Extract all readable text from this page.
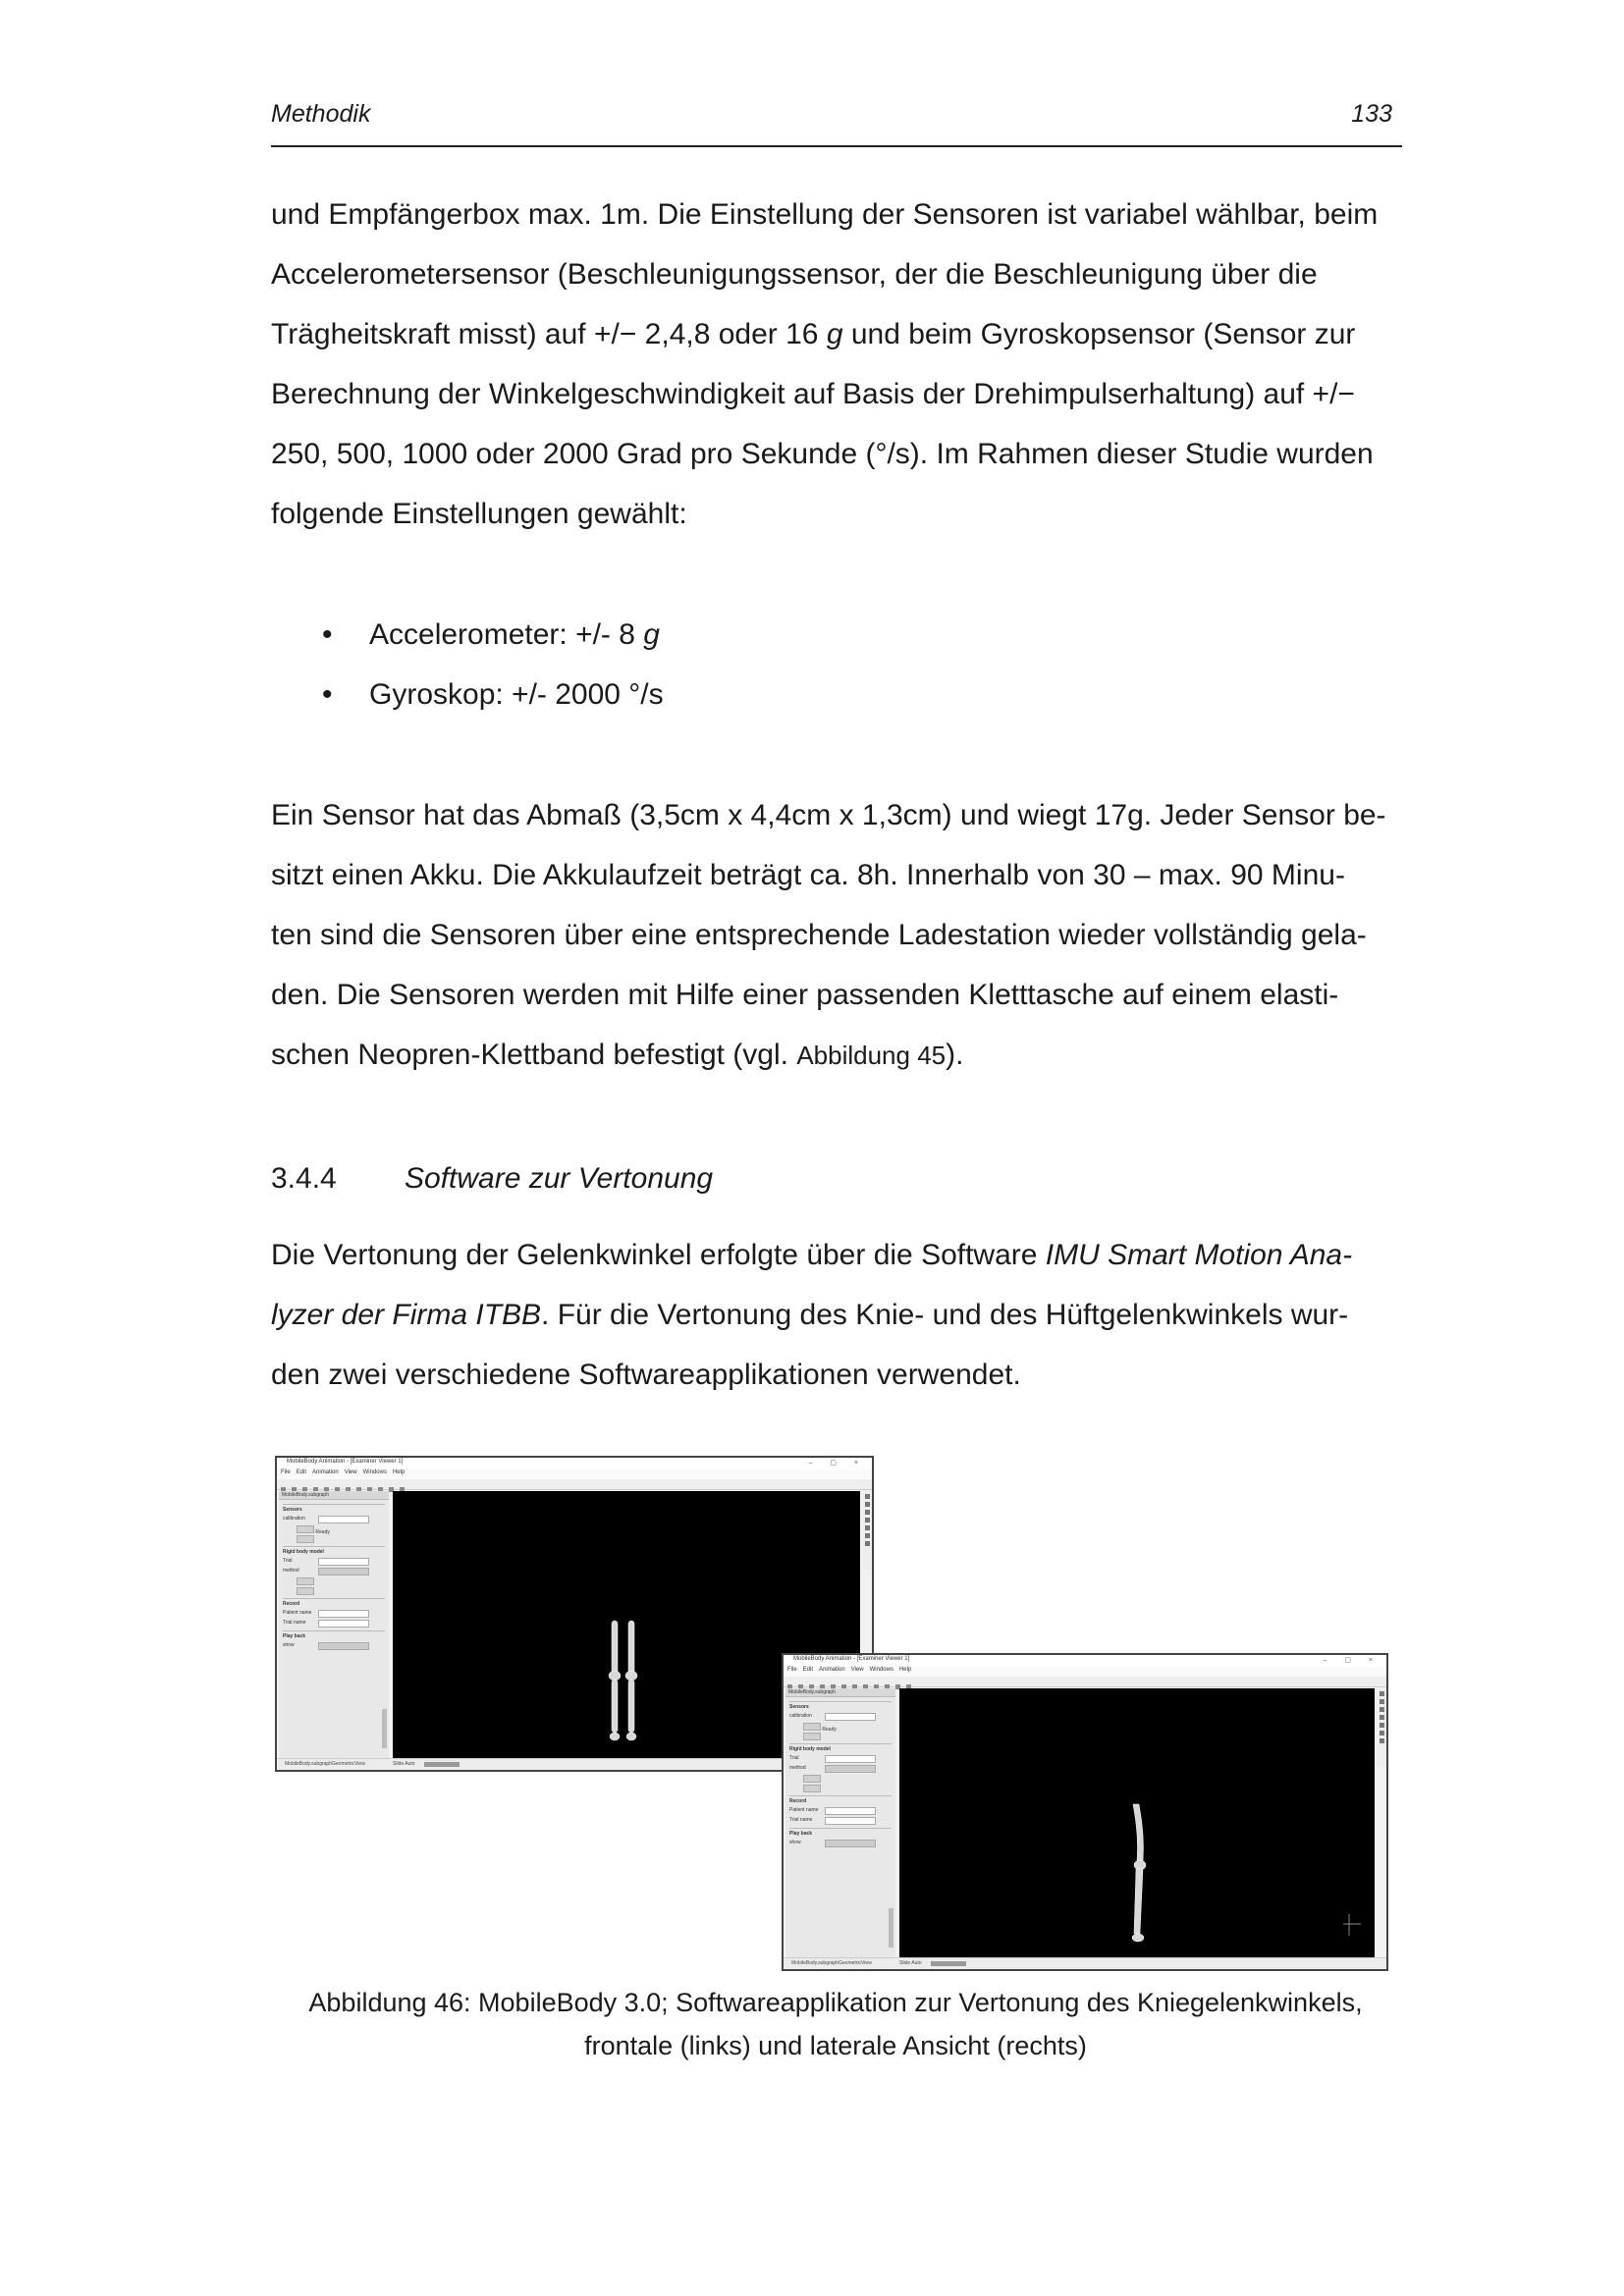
Methodik	133

und Empfängerbox max. 1m. Die Einstellung der Sensoren ist variabel wählbar, beim

Accelerometersensor (Beschleunigungssensor, der die Beschleunigung über die

Trägheitskraft misst) auf +/− 2,4,8 oder 16 g und beim Gyroskopsensor (Sensor zur

Berechnung der Winkelgeschwindigkeit auf Basis der Drehimpulserhaltung) auf +/−

250, 500, 1000 oder 2000 Grad pro Sekunde (°/s). Im Rahmen dieser Studie wurden

folgende Einstellungen gewählt:

• Accelerometer: +/- 8 g
• Gyroskop: +/- 2000 °/s

Ein Sensor hat das Abmaß (3,5cm x 4,4cm x 1,3cm) und wiegt 17g. Jeder Sensor be-

sitzt einen Akku. Die Akkulaufzeit beträgt ca. 8h. Innerhalb von 30 – max. 90 Minu-

ten sind die Sensoren über eine entsprechende Ladestation wieder vollständig gela-

den. Die Sensoren werden mit Hilfe einer passenden Kletttasche auf einem elasti-

schen Neopren-Klettband befestigt (vgl. Abbildung 45).

3.4.4 Software zur Vertonung

Die Vertonung der Gelenkwinkel erfolgte über die Software IMU Smart Motion Ana-

lyzer der Firma ITBB. Für die Vertonung des Knie- und des Hüftgelenkwinkels wur-

den zwei verschiedene Softwareapplikationen verwendet.

MobileBody Animation - [Examiner Viewer 1]	– ▢ ×
File Edit Animation View Windows Help
MobileBody.subgraph
Sensors
calibration
Ready
Rigid body model
Trial
method
Record
Patient name
Trial name
Play back
show
MobileBody.subgraph GeometricView	Slide Auto
MobileBody Animation - [Examiner Viewer 1]	– ▢ ×
File Edit Animation View Windows Help
MobileBody.subgraph
Sensors
calibration
Ready
Rigid body model
Trial
method
Record
Patient name
Trial name
Play back
show
MobileBody.subgraph GeometricView	Slide Auto
Abbildung 46: MobileBody 3.0; Softwareapplikation zur Vertonung des Kniegelenkwinkels,
frontale (links) und laterale Ansicht (rechts)
